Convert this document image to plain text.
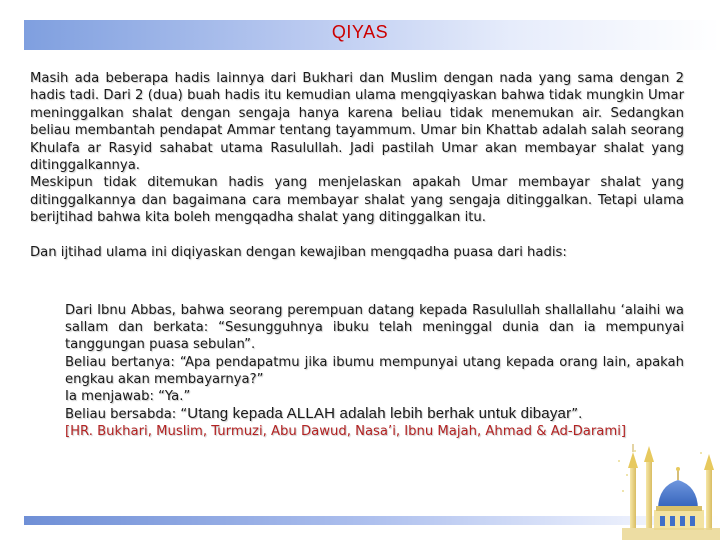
QIYAS

Masih ada beberapa hadis lainnya dari Bukhari dan Muslim dengan nada yang sama dengan 2 hadis tadi. Dari 2 (dua) buah hadis itu kemudian ulama mengqiyaskan bahwa tidak mungkin Umar meninggalkan shalat dengan sengaja hanya karena beliau tidak menemukan air. Sedangkan beliau membantah pendapat Ammar tentang tayammum. Umar bin Khattab adalah salah seorang Khulafa ar Rasyid sahabat utama Rasulullah. Jadi pastilah Umar akan membayar shalat yang ditinggalkannya.

Meskipun tidak ditemukan hadis yang menjelaskan apakah Umar membayar shalat yang ditinggalkannya dan bagaimana cara membayar shalat yang sengaja ditinggalkan. Tetapi ulama berijtihad bahwa kita boleh mengqadha shalat yang ditinggalkan itu.

Dan ijtihad ulama ini diqiyaskan dengan kewajiban mengqadha puasa dari hadis:

Dari Ibnu Abbas, bahwa seorang perempuan datang kepada Rasulullah shallallahu ‘alaihi wa sallam dan berkata: “Sesungguhnya ibuku telah meninggal dunia dan ia mempunyai tanggungan puasa sebulan”.

Beliau bertanya: “Apa pendapatmu jika ibumu mempunyai utang kepada orang lain, apakah engkau akan membayarnya?”

Ia menjawab: “Ya.”

Beliau bersabda: “Utang kepada ALLAH adalah lebih berhak untuk dibayar”.

[HR. Bukhari, Muslim, Turmuzi, Abu Dawud, Nasa’i, Ibnu Majah, Ahmad & Ad-Darami]
